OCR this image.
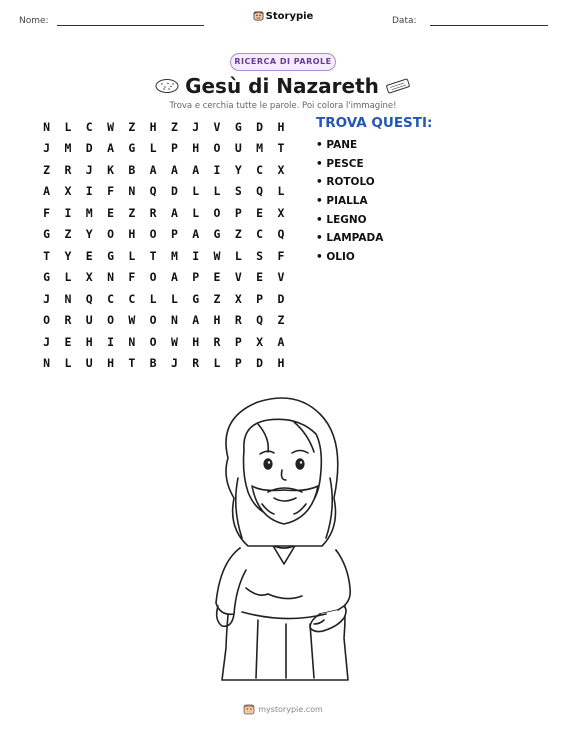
Nome:	Storypie	Data:
RICERCA DI PAROLE
Gesù di Nazareth
Trova e cerchia tutte le parole. Poi colora l'immagine!
N	L	C	W	Z	H	Z	J	V	G	D	H
J	M	D	A	G	L	P	H	O	U	M	T
Z	R	J	K	B	A	A	A	I	Y	C	X
A	X	I	F	N	Q	D	L	L	S	Q	L
F	I	M	E	Z	R	A	L	O	P	E	X
G	Z	Y	O	H	O	P	A	G	Z	C	Q
T	Y	E	G	L	T	M	I	W	L	S	F
G	L	X	N	F	O	A	P	E	V	E	V
J	N	Q	C	C	L	L	G	Z	X	P	D
O	R	U	O	W	O	N	A	H	R	Q	Z
J	E	H	I	N	O	W	H	R	P	X	A
N	L	U	H	T	B	J	R	L	P	D	H
TROVA QUESTI:
• PANE
• PESCE
• ROTOLO
• PIALLA
• LEGNO
• LAMPADA
• OLIO
mystorypie.com
